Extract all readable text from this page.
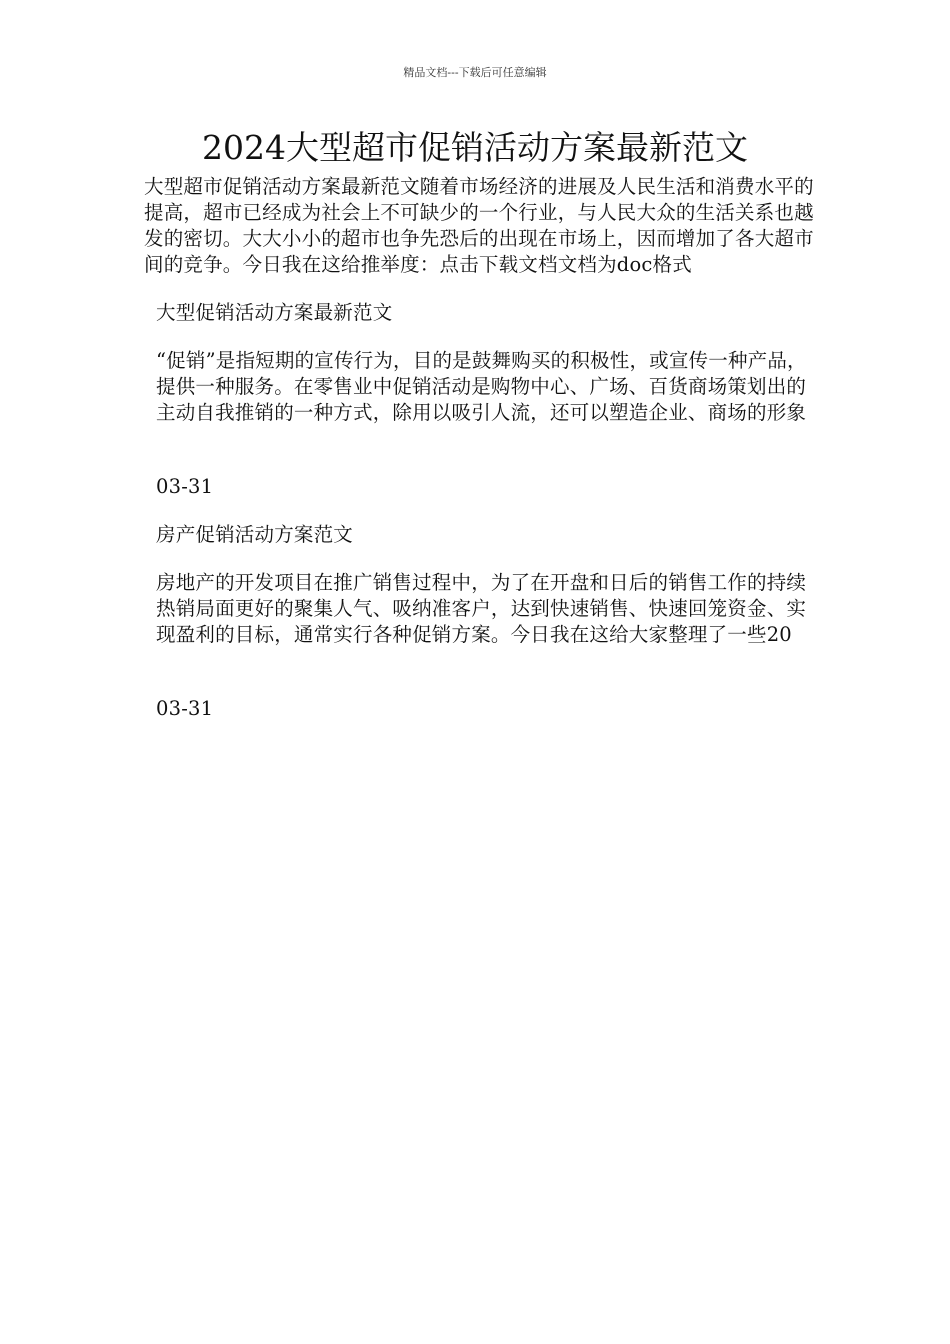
精品文档---下载后可任意编辑
2024大型超市促销活动方案最新范文

大型超市促销活动方案最新范文随着市场经济的进展及人民生活和消费水平的提高，超市已经成为社会上不可缺少的一个行业，与人民大众的生活关系也越发的密切。大大小小的超市也争先恐后的出现在市场上，因而增加了各大超市间的竞争。今日我在这给推举度：点击下载文档文档为doc格式

大型促销活动方案最新范文

“促销”是指短期的宣传行为，目的是鼓舞购买的积极性，或宣传一种产品，提供一种服务。在零售业中促销活动是购物中心、广场、百货商场策划出的主动自我推销的一种方式，除用以吸引人流，还可以塑造企业、商场的形象

03-31

房产促销活动方案范文

房地产的开发项目在推广销售过程中，为了在开盘和日后的销售工作的持续热销局面更好的聚集人气、吸纳准客户，达到快速销售、快速回笼资金、实现盈利的目标，通常实行各种促销方案。今日我在这给大家整理了一些20

03-31
